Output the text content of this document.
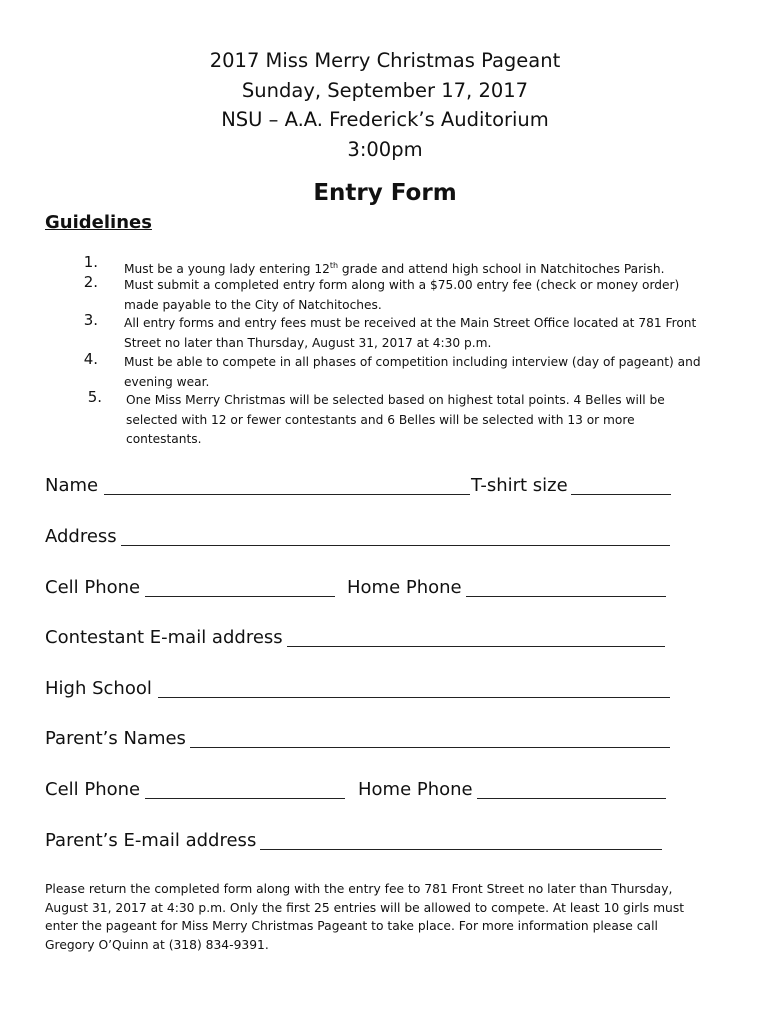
2017 Miss Merry Christmas Pageant
Sunday, September 17, 2017
NSU – A.A. Frederick’s Auditorium
3:00pm
Entry Form
Guidelines
1. Must be a young lady entering 12th grade and attend high school in Natchitoches Parish.
2. Must submit a completed entry form along with a $75.00 entry fee (check or money order)
made payable to the City of Natchitoches.
3. All entry forms and entry fees must be received at the Main Street Office located at 781 Front
Street no later than Thursday, August 31, 2017 at 4:30 p.m.
4. Must be able to compete in all phases of competition including interview (day of pageant) and
evening wear.
5. One Miss Merry Christmas will be selected based on highest total points. 4 Belles will be
selected with 12 or fewer contestants and 6 Belles will be selected with 13 or more
contestants.
Name	T-shirt size
Address
Cell Phone	Home Phone
Contestant E-mail address
High School
Parent’s Names
Cell Phone	Home Phone
Parent’s E-mail address
Please return the completed form along with the entry fee to 781 Front Street no later than Thursday,
August 31, 2017 at 4:30 p.m. Only the first 25 entries will be allowed to compete. At least 10 girls must
enter the pageant for Miss Merry Christmas Pageant to take place. For more information please call
Gregory O’Quinn at (318) 834-9391.
